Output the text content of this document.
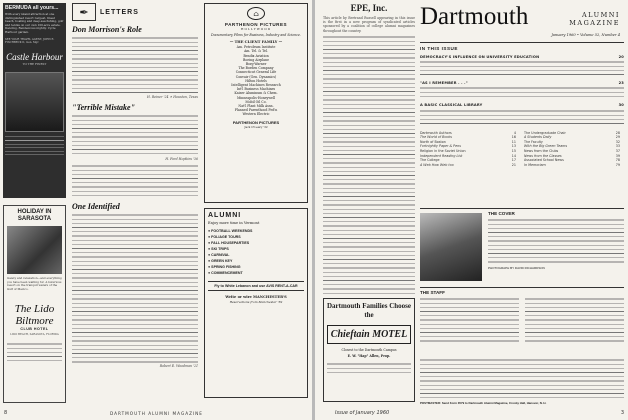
BERMUDA all yours...
With every island attraction at one distinguished resort: largest, finest beach, boating and deep-sea fishing, golf and tennis on our own 100-acre estate. Dancing, Rendezvous nightly. Cycle Harbour garden.
SEE YOUR TRAVEL AGENT, JOHN E. FISCHBECK II, Gen. Mgr.
Castle Harbour
TO THE FINEST
HOLIDAY IN SARASOTA
Gaiety and relaxation—and everything you have been waiting for. A luxurious resort on the tranquil waters of the Gulf of Mexico.
The Lido Biltmore
CLUB HOTEL
LIDO BEACH, SARASOTA, FLORIDA
✒	LETTERS
Don Morrison's Role
H. Reiner '24 ✦ Houston, Texas
"Terrible Mistake"
H. Ford Hopkins '36
One Identified
Robert E. Woodman '21
⌂
PARTHENON PICTURES
HOLLYWOOD
Documentary Films for Business, Industry and Science.
— THE CLIENT FAMILY —
Am. Petroleum Institute
Am. Tel. & Tel.
Bendix Aviation
Boeing Airplane
Borg-Warner
The Borden Company
Connecticut General Life
Convair (Gen. Dynamics)
Hilton Hotels
Intelligent Machines Research
Int'l Business Machines
Kaiser Aluminum & Chem.
Minneapolis-Honeywell
Mobil Oil Co.
Nat'l Plant Milk Assn.
Planned Parenthood Fed'n
Western Electric
PARTHENON PICTURES
Jack O'Leary '32
ALUMNI
Enjoy more time in Vermont
● FOOTBALL WEEKENDS
● FOLIAGE TOURS
● FALL HOUSEPARTIES
● SKI TRIPS
● CARNIVAL
● GREEN KEY
● SPRING FISHING
● COMMENCEMENT
Fly to White Lebanon and use AVIS RENT-A-CAR
Write or wire MANCHESTER'S
Reservations from Manchester '59
8	DARTMOUTH ALUMNI MAGAZINE
EPE, Inc.
This article by Bertrand Russell appearing in this issue is the first in a new program of syndicated articles sponsored by a coalition of college alumni magazines throughout the country.
Dartmouth Families Choose the
Chieftain MOTEL
Closest to the Dartmouth Campus
E. W. "Hap" Allen, Prop.
Dartmouth	ALUMNI
MAGAZINE
January 1960 • Volume 52, Number 4
IN THIS ISSUE
DEMOCRACY'S INFLUENCE ON UNIVERSITY EDUCATION	20
"AS I REMEMBER . . ."	23
A BASIC CLASSICAL LIBRARY	30
Dartmouth Authors	4
The World of Books	16
North of Boston	11
Fortnightly Paper & Pens	13
Religion in the Soviet Union	15
Independent Reading List	14
The College	17
A Web How Web too	21
The Undergraduate Chair	28
A Students Daily	29
The Faculty	32
With the Big Green Teams	33
News from the Clubs	37
News from the Classes	39
Associated School News	78
In Memoriam	79
THE COVER
PHOTOGRAPH BY DAVID RICHARDSON
THE STAFF
POSTMASTER: Send Form 3579 to Dartmouth Alumni Magazine, Crosby Hall, Hanover, N. H.
Issue of January 1960	3
